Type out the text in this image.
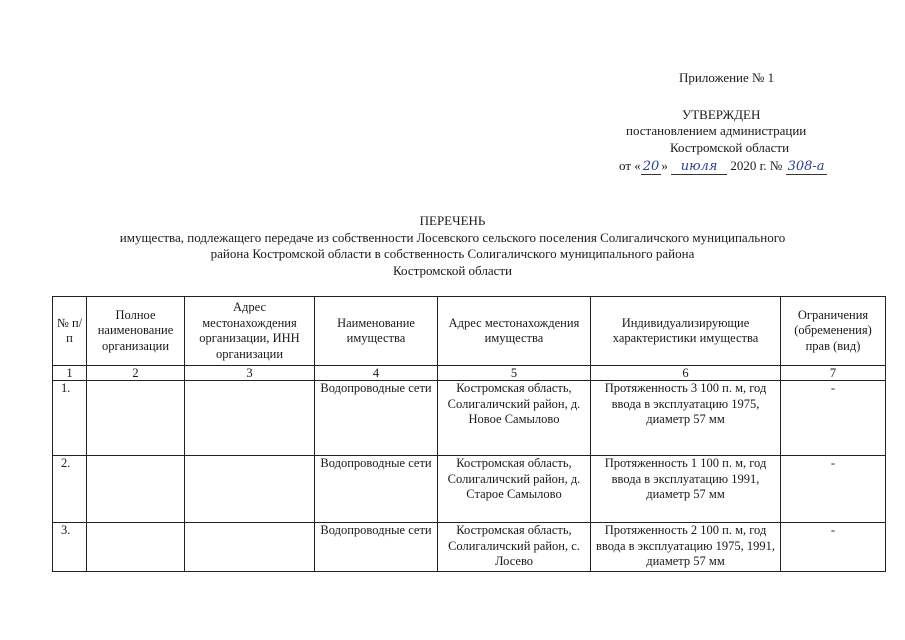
Приложение № 1
УТВЕРЖДЕН
постановлением администрации
Костромской области
от « 20 » июля 2020 г. № 308-а
ПЕРЕЧЕНЬ
имущества, подлежащего передаче из собственности Лосевского сельского поселения Солигаличского муниципального
района Костромской области в собственность Солигаличского муниципального района
Костромской области
№ п/п	Полное наименование организации	Адрес местонахождения организации, ИНН организации	Наименование имущества	Адрес местонахождения имущества	Индивидуализирующие характеристики имущества	Ограничения (обременения) прав (вид)
1	2	3	4	5	6	7
1.			Водопроводные сети	Костромская область, Солигаличский район, д. Новое Самылово	Протяженность 3 100 п. м, год ввода в эксплуатацию 1975, диаметр 57 мм	-
2.			Водопроводные сети	Костромская область, Солигаличский район, д. Старое Самылово	Протяженность 1 100 п. м, год ввода в эксплуатацию 1991, диаметр 57 мм	-
3.			Водопроводные сети	Костромская область, Солигаличский район, с. Лосево	Протяженность 2 100 п. м, год ввода в эксплуатацию 1975, 1991, диаметр 57 мм	-
